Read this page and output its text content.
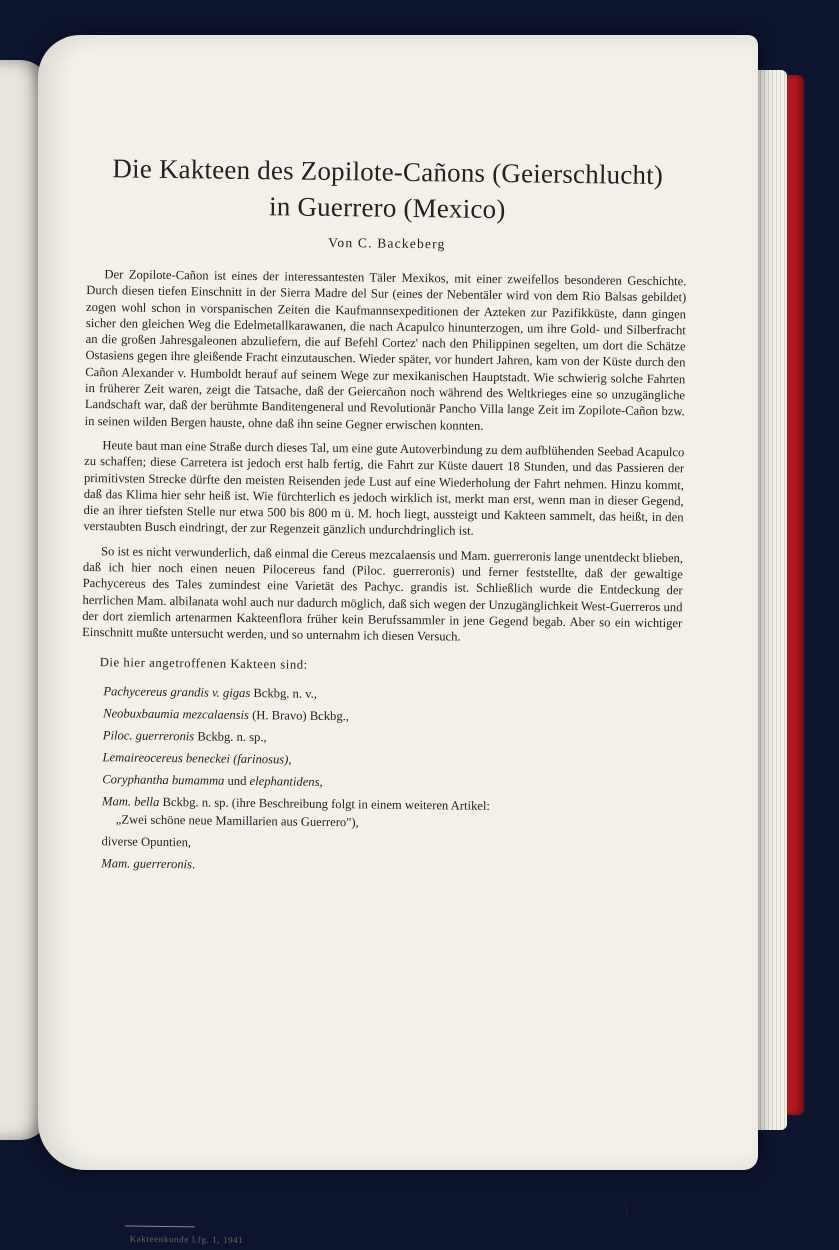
Die Kakteen des Zopilote-Cañons (Geierschlucht)
in Guerrero (Mexico)
Von C. Backeberg

Der Zopilote-Cañon ist eines der interessantesten Täler Mexikos, mit einer zweifellos besonderen Geschichte. Durch diesen tiefen Einschnitt in der Sierra Madre del Sur (eines der Nebentäler wird von dem Rio Balsas gebildet) zogen wohl schon in vorspanischen Zeiten die Kaufmannsexpeditionen der Azteken zur Pazifikküste, dann gingen sicher den gleichen Weg die Edelmetallkarawanen, die nach Acapulco hinunterzogen, um ihre Gold- und Silberfracht an die großen Jahresgaleonen abzuliefern, die auf Befehl Cortez' nach den Philippinen segelten, um dort die Schätze Ostasiens gegen ihre gleißende Fracht einzutauschen. Wieder später, vor hundert Jahren, kam von der Küste durch den Cañon Alexander v. Humboldt herauf auf seinem Wege zur mexikanischen Hauptstadt. Wie schwierig solche Fahrten in früherer Zeit waren, zeigt die Tatsache, daß der Geiercañon noch während des Weltkrieges eine so unzugängliche Landschaft war, daß der berühmte Banditengeneral und Revolutionär Pancho Villa lange Zeit im Zopilote-Cañon bzw. in seinen wilden Bergen hauste, ohne daß ihn seine Gegner erwischen konnten.

Heute baut man eine Straße durch dieses Tal, um eine gute Autoverbindung zu dem aufblühenden Seebad Acapulco zu schaffen; diese Carretera ist jedoch erst halb fertig, die Fahrt zur Küste dauert 18 Stunden, und das Passieren der primitivsten Strecke dürfte den meisten Reisenden jede Lust auf eine Wiederholung der Fahrt nehmen. Hinzu kommt, daß das Klima hier sehr heiß ist. Wie fürchterlich es jedoch wirklich ist, merkt man erst, wenn man in dieser Gegend, die an ihrer tiefsten Stelle nur etwa 500 bis 800 m ü. M. hoch liegt, aussteigt und Kakteen sammelt, das heißt, in den verstaubten Busch eindringt, der zur Regenzeit gänzlich undurchdringlich ist.

So ist es nicht verwunderlich, daß einmal die Cereus mezcalaensis und Mam. guerreronis lange unentdeckt blieben, daß ich hier noch einen neuen Pilocereus fand (Piloc. guerreronis) und ferner feststellte, daß der gewaltige Pachycereus des Tales zumindest eine Varietät des Pachyc. grandis ist. Schließlich wurde die Entdeckung der herrlichen Mam. albilanata wohl auch nur dadurch möglich, daß sich wegen der Unzugänglichkeit West-Guerreros und der dort ziemlich artenarmen Kakteenflora früher kein Berufssammler in jene Gegend begab. Aber so ein wichtiger Einschnitt mußte untersucht werden, und so unternahm ich diesen Versuch.

Die hier angetroffenen Kakteen sind:

Pachycereus grandis v. gigas Bckbg. n. v.,
Neobuxbaumia mezcalaensis (H. Bravo) Bckbg.,
Piloc. guerreronis Bckbg. n. sp.,
Lemaireocereus beneckei (farinosus),
Coryphantha bumamma und elephantidens,
Mam. bella Bckbg. n. sp. (ihre Beschreibung folgt in einem weiteren Artikel:
„Zwei schöne neue Mamillarien aus Guerrero"),
diverse Opuntien,
Mam. guerreronis.
1
Kakteenkunde Lfg. 1, 1941
